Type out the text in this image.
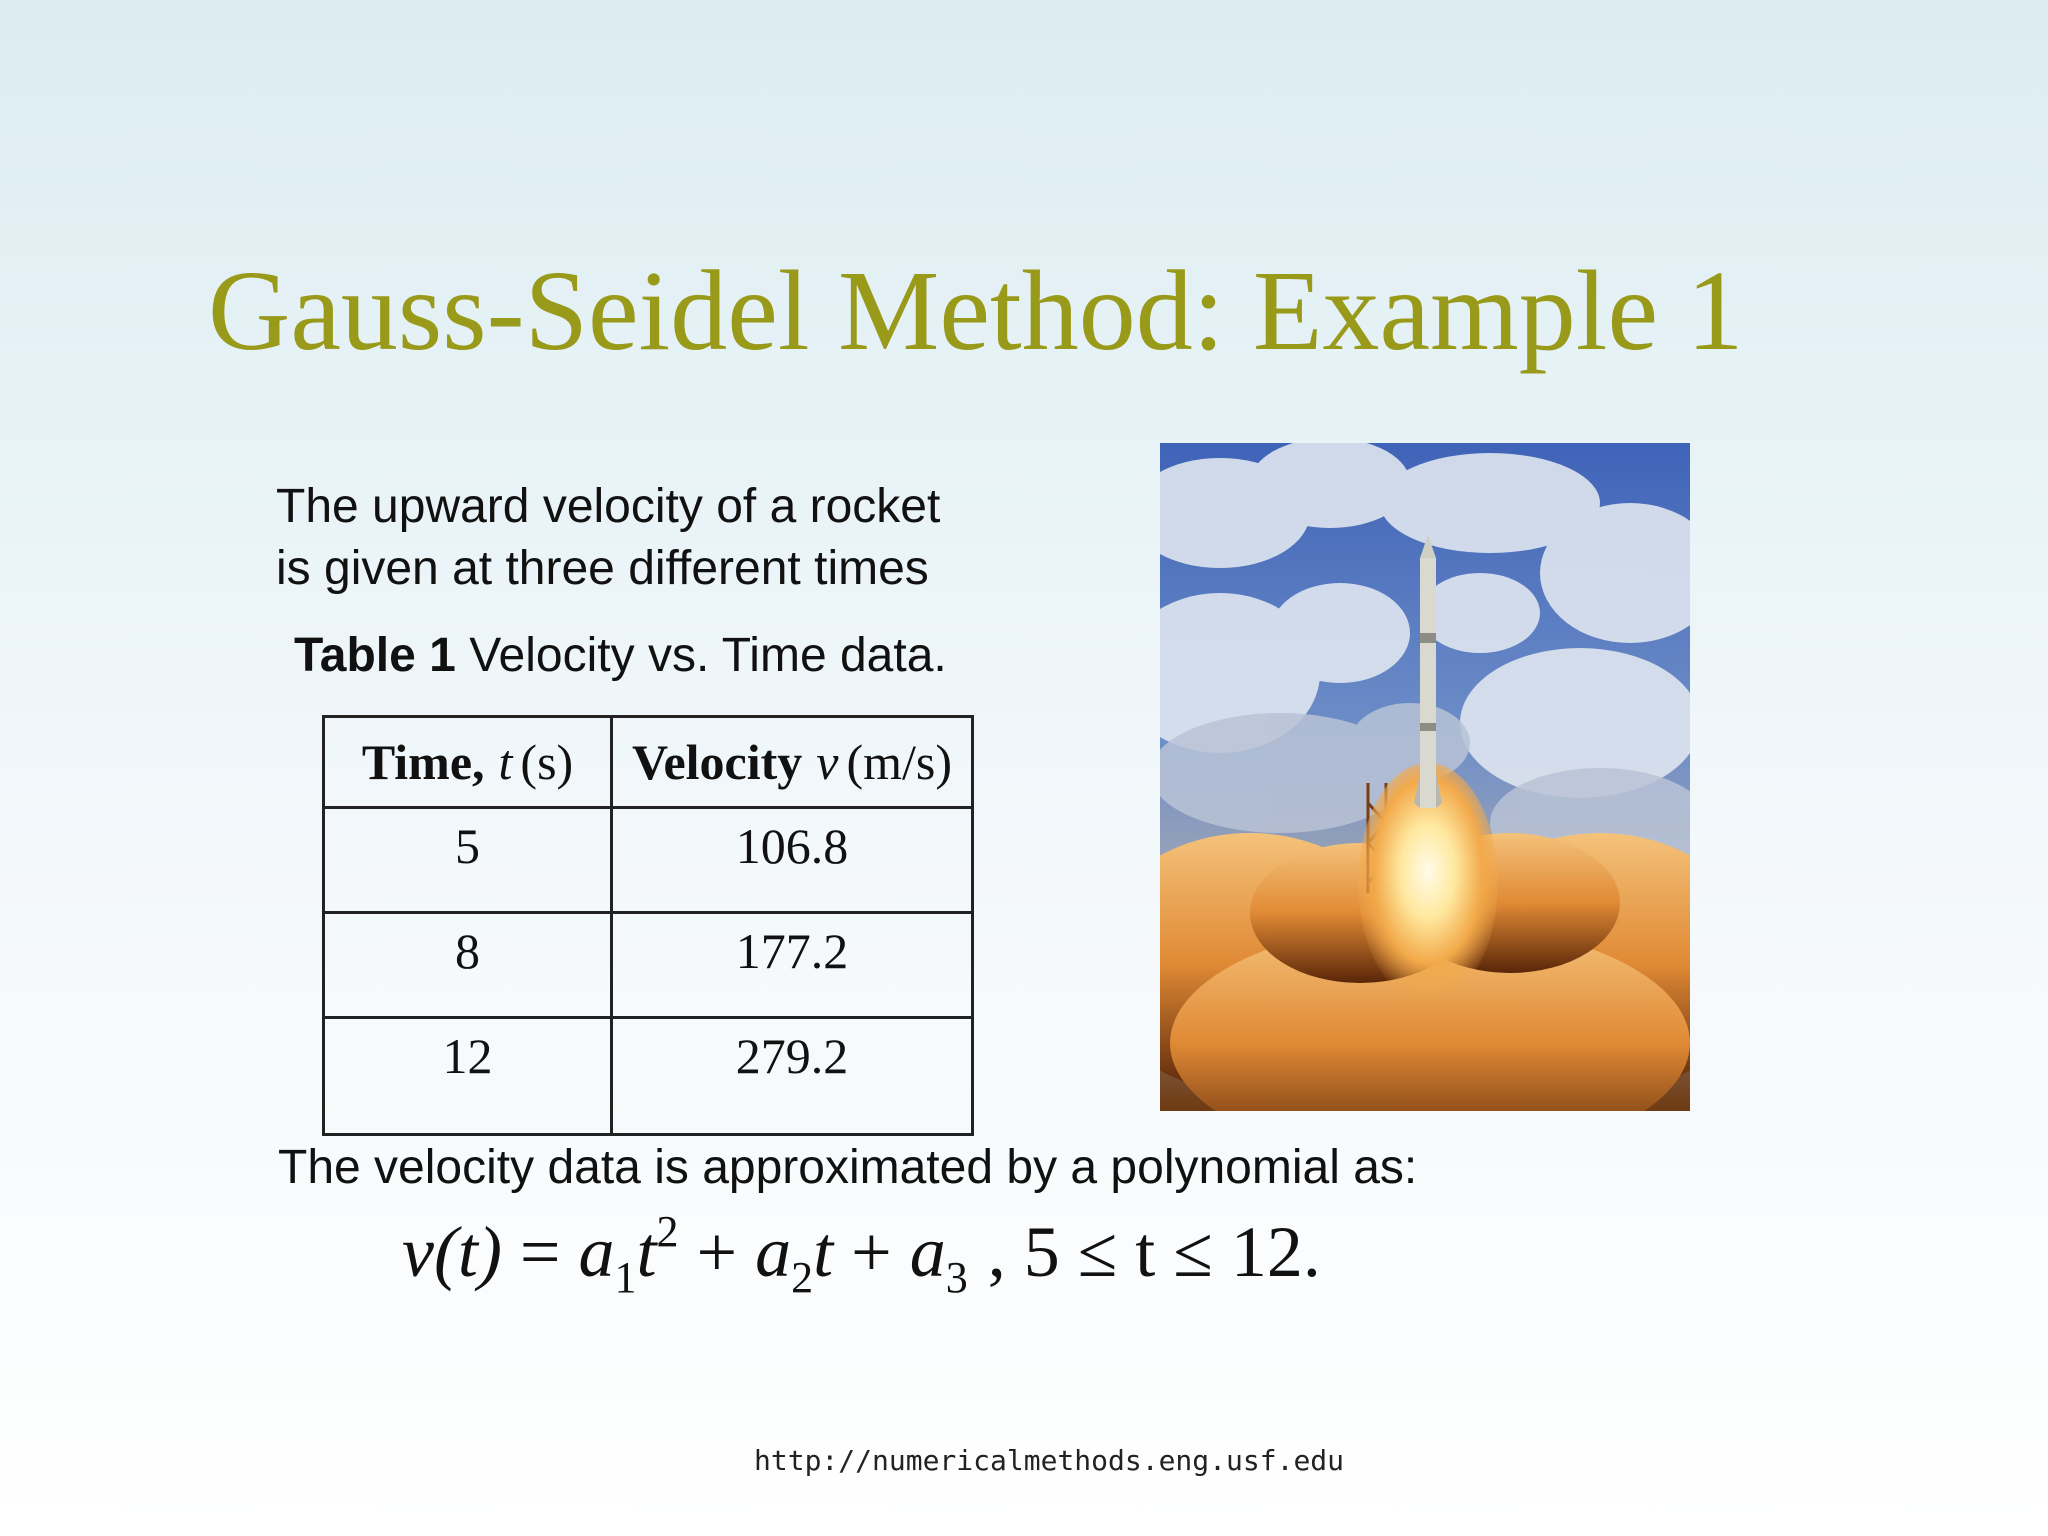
Gauss-Seidel Method: Example 1

The upward velocity of a rocket
is given at three different times

Table 1 Velocity vs. Time data.

Time, t (s)	Velocity v (m/s)
5	106.8
8	177.2
12	279.2

The velocity data is approximated by a polynomial as:

$v(t) = a_1t^2 + a_2t + a_3$ , 5 ≤ t ≤ 12.

http://numericalmethods.eng.usf.edu
